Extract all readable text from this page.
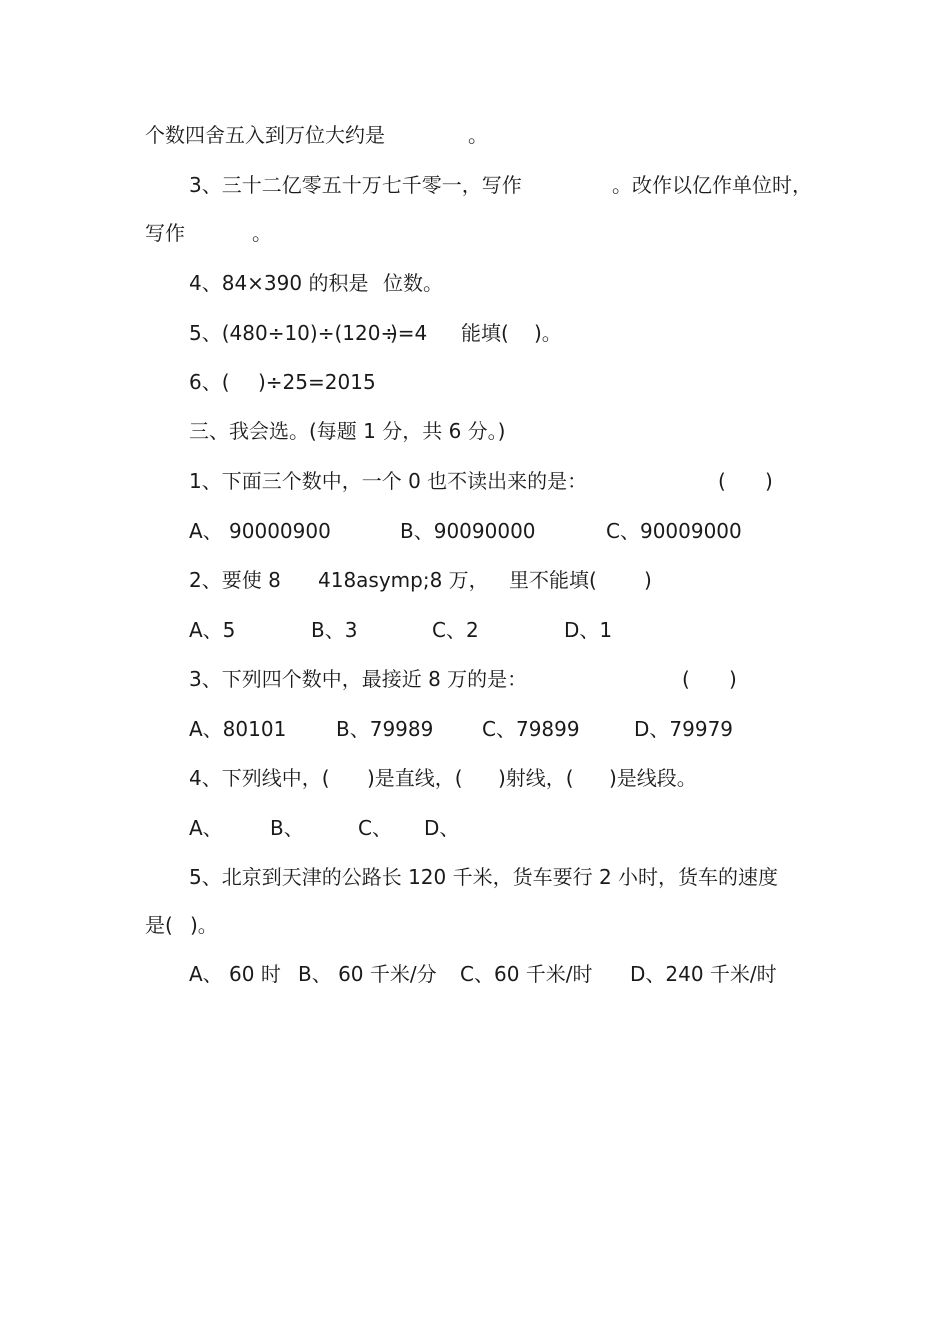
个数四舍五入到万位大约是	。
3、三十二亿零五十万七千零一，写作	。改作以亿作单位时，
写作	。
4、84×390 的积是 位数。
5、(480÷10)÷(120÷
)=4 能填( )。
6、( )÷25=2015
三、我会选。(每题 1 分，共 6 分。)
1、下面三个数中，一个 0 也不读出来的是：	( )
A、 90000900	B、90090000	C、90009000
2、要使 8 418asymp;8 万， 里不能填( )
A、5	B、3	C、2	D、1
3、下列四个数中，最接近 8 万的是：	( )
A、80101 B、79989 C、79899	D、79979
4、下列线中，( )是直线，( )射线，( )是线段。
A、 B、	C、 D、
5、北京到天津的公路长 120 千米，货车要行 2 小时，货车的速度
是( )。
A、 60 时 B、 60 千米/分 C、60 千米/时 D、240 千米/时
